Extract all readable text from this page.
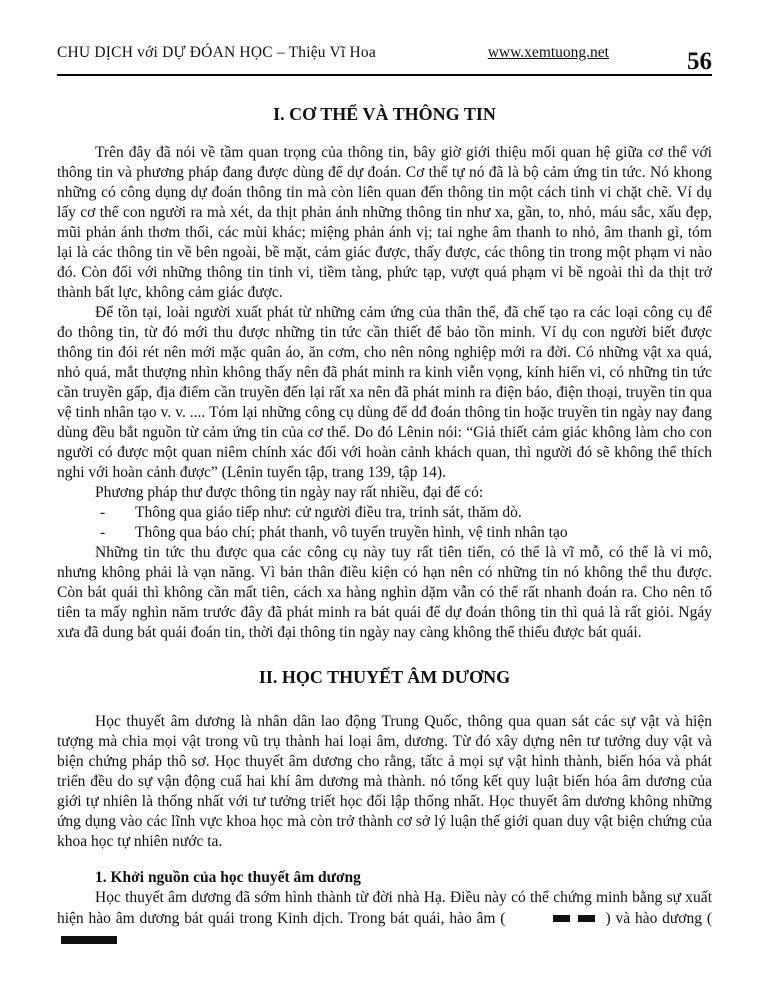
CHU DỊCH với DỰ ĐÓAN HỌC – Thiệu Vĩ Hoa	www.xemtuong.net	56
I. CƠ THỂ VÀ THÔNG TIN

Trên đây đã nói về tầm quan trọng của thông tin, bây giờ giới thiệu mối quan hệ giữa cơ thể với thông tin và phương pháp đang được dùng để dự đoán. Cơ thể tự nó đã là bộ cảm ứng tin tức. Nó khong những có công dụng dự đoán thông tin mà còn liên quan đến thông tin một cách tinh vi chặt chẽ. Ví dụ lấy cơ thể con người ra mà xét, da thịt phản ánh những thông tin như xa, gần, to, nhỏ, máu sắc, xấu đẹp, mũi phản ánh thơm thối, các mùi khác; miệng phản ánh vị; tai nghe âm thanh to nhỏ, âm thanh gì, tóm lại là các thông tin về bên ngoài, bề mặt, cảm giác được, thấy được, các thông tin trong một phạm vi nào đó. Còn đối với những thông tin tinh vi, tiềm tàng, phức tạp, vượt quá phạm vi bề ngoài thì da thịt trở thành bất lực, không cảm giác được.

Để tồn tại, loài người xuất phát từ những cảm ứng của thân thể, đã chế tạo ra các loại công cụ để đo thông tin, từ đó mới thu được những tin tức cần thiết để bảo tồn minh. Ví dụ con người biết được thông tin đói rét nên mới mặc quân áo, ăn cơm, cho nên nông nghiệp mới ra đời. Có những vật xa quá, nhỏ quá, mắt thượng nhìn không thấy nên đã phát minh ra kinh viễn vọng, kính hiển vi, có những tin tức cần truyền gấp, địa điểm cần truyền đến lại rất xa nên đã phát minh ra điện báo, điện thoại, truyền tin qua vệ tinh nhân tạo v. v. .... Tóm lại những công cụ dùng để dđ đoán thông tin hoặc truyền tin ngày nay đang dùng đều bắt nguồn từ cảm ứng tin của cơ thể. Do đó Lênin nói: “Giả thiết cảm giác không làm cho con người có được một quan niêm chính xác đối với hoàn cảnh khách quan, thì người đó sẽ không thể thích nghi với hoàn cảnh được” (Lênin tuyển tập, trang 139, tập 14).

Phương pháp thư được thông tin ngày nay rất nhiều, đại để có:

-	Thông qua giáo tiếp như: cử người điều tra, trinh sát, thăm dò.
-	Thông qua báo chí; phát thanh, vô tuyến truyền hình, vệ tinh nhân tạo

Những tin tức thu được qua các công cụ này tuy rất tiên tiến, có thể là vĩ mỗ, có thể là vi mô, nhưng không phải là vạn năng. Vì bản thân điều kiện có hạn nên có những tin nó không thể thu được. Còn bát quái thì không cần mất tiên, cách xa hàng nghìn dặm vẫn có thể rất nhanh đoán ra. Cho nên tổ tiên ta mấy nghìn năm trước đây đã phát minh ra bát quái để dự đoán thông tin thì quả là rất giỏi. Ngáy xưa đã dung bát quái đoán tin, thời đại thông tin ngày nay càng không thể thiếu được bát quái.

II. HỌC THUYẾT ÂM DƯƠNG

Học thuyết âm dương là nhân dân lao động Trung Quốc, thông qua quan sát các sự vật và hiện tượng mà chia mọi vật trong vũ trụ thành hai loại âm, dương. Từ đó xây dựng nên tư tưởng duy vật và biện chứng pháp thô sơ. Học thuyết âm dương cho rằng, tấtc ả mọi sự vật hình thành, biến hóa và phát triển đều do sự vận động cuẩ hai khí âm dương mà thành. nó tổng kết quy luật biến hóa âm dương của giới tự nhiên là thống nhất với tư tưởng triết học đối lập thống nhất. Học thuyết âm dương không những ứng dụng vào các lĩnh vực khoa học mà còn trở thành cơ sở lý luận thế giới quan duy vật biện chứng của khoa học tự nhiên nước ta.

1. Khởi nguồn của học thuyết âm dương

Học thuyết âm dương đã sớm hình thành từ đời nhà Hạ. Điều này có thể chứng minh bằng sự xuất hiện hào âm dương bát quái trong Kinh dịch. Trong bát quái, hào âm (	) và hào dương (
